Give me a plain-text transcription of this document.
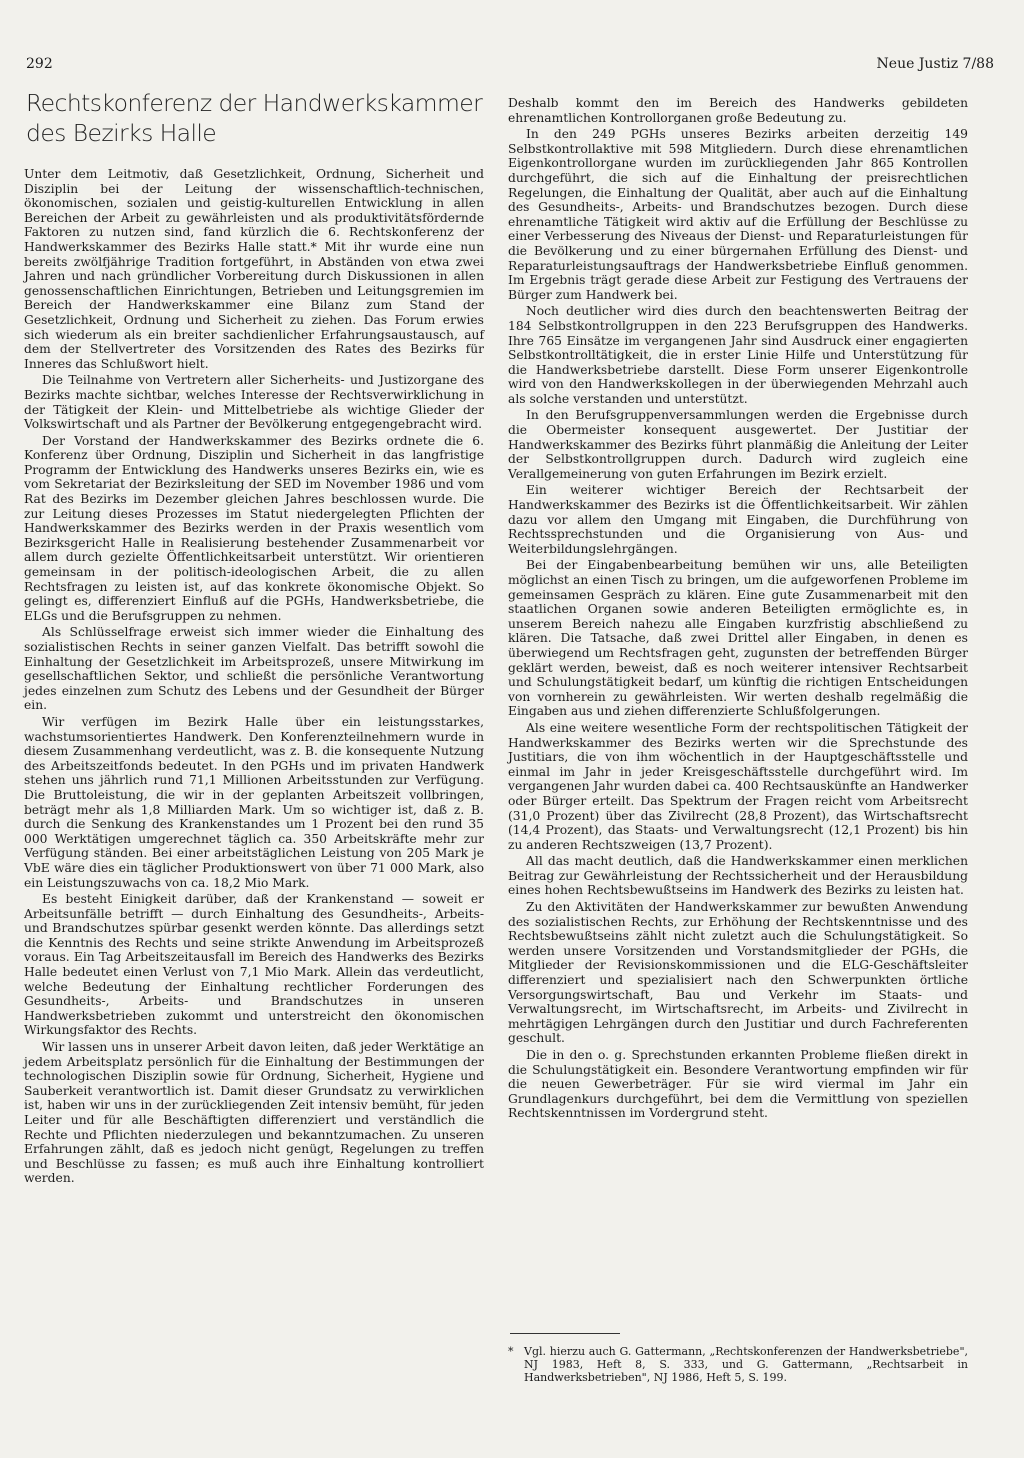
292	Neue Justiz 7/88
Rechtskonferenz der Handwerkskammer
des Bezirks Halle

Unter dem Leitmotiv, daß Gesetzlichkeit, Ordnung, Sicherheit und Disziplin bei der Leitung der wissenschaftlich-technischen, ökonomischen, sozialen und geistig-kulturellen Entwicklung in allen Bereichen der Arbeit zu gewährleisten und als produktivitätsfördernde Faktoren zu nutzen sind, fand kürzlich die 6. Rechtskonferenz der Handwerkskammer des Bezirks Halle statt.* Mit ihr wurde eine nun bereits zwölfjährige Tradition fortgeführt, in Abständen von etwa zwei Jahren und nach gründlicher Vorbereitung durch Diskussionen in allen genossenschaftlichen Einrichtungen, Betrieben und Leitungsgremien im Bereich der Handwerkskammer eine Bilanz zum Stand der Gesetzlichkeit, Ordnung und Sicherheit zu ziehen. Das Forum erwies sich wiederum als ein breiter sachdienlicher Erfahrungsaustausch, auf dem der Stellvertreter des Vorsitzenden des Rates des Bezirks für Inneres das Schlußwort hielt.

Die Teilnahme von Vertretern aller Sicherheits- und Justizorgane des Bezirks machte sichtbar, welches Interesse der Rechtsverwirklichung in der Tätigkeit der Klein- und Mittelbetriebe als wichtige Glieder der Volkswirtschaft und als Partner der Bevölkerung entgegengebracht wird.

Der Vorstand der Handwerkskammer des Bezirks ordnete die 6. Konferenz über Ordnung, Disziplin und Sicherheit in das langfristige Programm der Entwicklung des Handwerks unseres Bezirks ein, wie es vom Sekretariat der Bezirksleitung der SED im November 1986 und vom Rat des Bezirks im Dezember gleichen Jahres beschlossen wurde. Die zur Leitung dieses Prozesses im Statut niedergelegten Pflichten der Handwerkskammer des Bezirks werden in der Praxis wesentlich vom Bezirksgericht Halle in Realisierung bestehender Zusammenarbeit vor allem durch gezielte Öffentlichkeitsarbeit unterstützt. Wir orientieren gemeinsam in der politisch-ideologischen Arbeit, die zu allen Rechtsfragen zu leisten ist, auf das konkrete ökonomische Objekt. So gelingt es, differenziert Einfluß auf die PGHs, Handwerksbetriebe, die ELGs und die Berufsgruppen zu nehmen.

Als Schlüsselfrage erweist sich immer wieder die Einhaltung des sozialistischen Rechts in seiner ganzen Vielfalt. Das betrifft sowohl die Einhaltung der Gesetzlichkeit im Arbeitsprozeß, unsere Mitwirkung im gesellschaftlichen Sektor, und schließt die persönliche Verantwortung jedes einzelnen zum Schutz des Lebens und der Gesundheit der Bürger ein.

Wir verfügen im Bezirk Halle über ein leistungsstarkes, wachstumsorientiertes Handwerk. Den Konferenzteilnehmern wurde in diesem Zusammenhang verdeutlicht, was z. B. die konsequente Nutzung des Arbeitszeitfonds bedeutet. In den PGHs und im privaten Handwerk stehen uns jährlich rund 71,1 Millionen Arbeitsstunden zur Verfügung. Die Bruttoleistung, die wir in der geplanten Arbeitszeit vollbringen, beträgt mehr als 1,8 Milliarden Mark. Um so wichtiger ist, daß z. B. durch die Senkung des Krankenstandes um 1 Prozent bei den rund 35 000 Werktätigen umgerechnet täglich ca. 350 Arbeitskräfte mehr zur Verfügung ständen. Bei einer arbeitstäglichen Leistung von 205 Mark je VbE wäre dies ein täglicher Produktionswert von über 71 000 Mark, also ein Leistungszuwachs von ca. 18,2 Mio Mark.

Es besteht Einigkeit darüber, daß der Krankenstand — soweit er Arbeitsunfälle betrifft — durch Einhaltung des Gesundheits-, Arbeits- und Brandschutzes spürbar gesenkt werden könnte. Das allerdings setzt die Kenntnis des Rechts und seine strikte Anwendung im Arbeitsprozeß voraus. Ein Tag Arbeitszeitausfall im Bereich des Handwerks des Bezirks Halle bedeutet einen Verlust von 7,1 Mio Mark. Allein das verdeutlicht, welche Bedeutung der Einhaltung rechtlicher Forderungen des Gesundheits-, Arbeits- und Brandschutzes in unseren Handwerksbetrieben zukommt und unterstreicht den ökonomischen Wirkungsfaktor des Rechts.

Wir lassen uns in unserer Arbeit davon leiten, daß jeder Werktätige an jedem Arbeitsplatz persönlich für die Einhaltung der Bestimmungen der technologischen Disziplin sowie für Ordnung, Sicherheit, Hygiene und Sauberkeit verantwortlich ist. Damit dieser Grundsatz zu verwirklichen ist, haben wir uns in der zurückliegenden Zeit intensiv bemüht, für jeden Leiter und für alle Beschäftigten differenziert und verständlich die Rechte und Pflichten niederzulegen und bekanntzumachen. Zu unseren Erfahrungen zählt, daß es jedoch nicht genügt, Regelungen zu treffen und Beschlüsse zu fassen; es muß auch ihre Einhaltung kontrolliert werden.

Deshalb kommt den im Bereich des Handwerks gebildeten ehrenamtlichen Kontrollorganen große Bedeutung zu.

In den 249 PGHs unseres Bezirks arbeiten derzeitig 149 Selbstkontrollaktive mit 598 Mitgliedern. Durch diese ehrenamtlichen Eigenkontrollorgane wurden im zurückliegenden Jahr 865 Kontrollen durchgeführt, die sich auf die Einhaltung der preisrechtlichen Regelungen, die Einhaltung der Qualität, aber auch auf die Einhaltung des Gesundheits-, Arbeits- und Brandschutzes bezogen. Durch diese ehrenamtliche Tätigkeit wird aktiv auf die Erfüllung der Beschlüsse zu einer Verbesserung des Niveaus der Dienst- und Reparaturleistungen für die Bevölkerung und zu einer bürgernahen Erfüllung des Dienst- und Reparaturleistungsauftrags der Handwerksbetriebe Einfluß genommen. Im Ergebnis trägt gerade diese Arbeit zur Festigung des Vertrauens der Bürger zum Handwerk bei.

Noch deutlicher wird dies durch den beachtenswerten Beitrag der 184 Selbstkontrollgruppen in den 223 Berufsgruppen des Handwerks. Ihre 765 Einsätze im vergangenen Jahr sind Ausdruck einer engagierten Selbstkontrolltätigkeit, die in erster Linie Hilfe und Unterstützung für die Handwerksbetriebe darstellt. Diese Form unserer Eigenkontrolle wird von den Handwerkskollegen in der überwiegenden Mehrzahl auch als solche verstanden und unterstützt.

In den Berufsgruppenversammlungen werden die Ergebnisse durch die Obermeister konsequent ausgewertet. Der Justitiar der Handwerkskammer des Bezirks führt planmäßig die Anleitung der Leiter der Selbstkontrollgruppen durch. Dadurch wird zugleich eine Verallgemeinerung von guten Erfahrungen im Bezirk erzielt.

Ein weiterer wichtiger Bereich der Rechtsarbeit der Handwerkskammer des Bezirks ist die Öffentlichkeitsarbeit. Wir zählen dazu vor allem den Umgang mit Eingaben, die Durchführung von Rechtssprechstunden und die Organisierung von Aus- und Weiterbildungslehrgängen.

Bei der Eingabenbearbeitung bemühen wir uns, alle Beteiligten möglichst an einen Tisch zu bringen, um die aufgeworfenen Probleme im gemeinsamen Gespräch zu klären. Eine gute Zusammenarbeit mit den staatlichen Organen sowie anderen Beteiligten ermöglichte es, in unserem Bereich nahezu alle Eingaben kurzfristig abschließend zu klären. Die Tatsache, daß zwei Drittel aller Eingaben, in denen es überwiegend um Rechtsfragen geht, zugunsten der betreffenden Bürger geklärt werden, beweist, daß es noch weiterer intensiver Rechtsarbeit und Schulungstätigkeit bedarf, um künftig die richtigen Entscheidungen von vornherein zu gewährleisten. Wir werten deshalb regelmäßig die Eingaben aus und ziehen differenzierte Schlußfolgerungen.

Als eine weitere wesentliche Form der rechtspolitischen Tätigkeit der Handwerkskammer des Bezirks werten wir die Sprechstunde des Justitiars, die von ihm wöchentlich in der Hauptgeschäftsstelle und einmal im Jahr in jeder Kreisgeschäftsstelle durchgeführt wird. Im vergangenen Jahr wurden dabei ca. 400 Rechtsauskünfte an Handwerker oder Bürger erteilt. Das Spektrum der Fragen reicht vom Arbeitsrecht (31,0 Prozent) über das Zivilrecht (28,8 Prozent), das Wirtschaftsrecht (14,4 Prozent), das Staats- und Verwaltungsrecht (12,1 Prozent) bis hin zu anderen Rechtszweigen (13,7 Prozent).

All das macht deutlich, daß die Handwerkskammer einen merklichen Beitrag zur Gewährleistung der Rechtssicherheit und der Herausbildung eines hohen Rechtsbewußtseins im Handwerk des Bezirks zu leisten hat.

Zu den Aktivitäten der Handwerkskammer zur bewußten Anwendung des sozialistischen Rechts, zur Erhöhung der Rechtskenntnisse und des Rechtsbewußtseins zählt nicht zuletzt auch die Schulungstätigkeit. So werden unsere Vorsitzenden und Vorstandsmitglieder der PGHs, die Mitglieder der Revisionskommissionen und die ELG-Geschäftsleiter differenziert und spezialisiert nach den Schwerpunkten örtliche Versorgungswirtschaft, Bau und Verkehr im Staats- und Verwaltungsrecht, im Wirtschaftsrecht, im Arbeits- und Zivilrecht in mehrtägigen Lehrgängen durch den Justitiar und durch Fachreferenten geschult.

Die in den o. g. Sprechstunden erkannten Probleme fließen direkt in die Schulungstätigkeit ein. Besondere Verantwortung empfinden wir für die neuen Gewerbeträger. Für sie wird viermal im Jahr ein Grundlagenkurs durchgeführt, bei dem die Vermittlung von speziellen Rechtskenntnissen im Vordergrund steht.

* Vgl. hierzu auch G. Gattermann, „Rechtskonferenzen der Handwerksbetriebe", NJ 1983, Heft 8, S. 333, und G. Gattermann, „Rechtsarbeit in Handwerksbetrieben", NJ 1986, Heft 5, S. 199.
